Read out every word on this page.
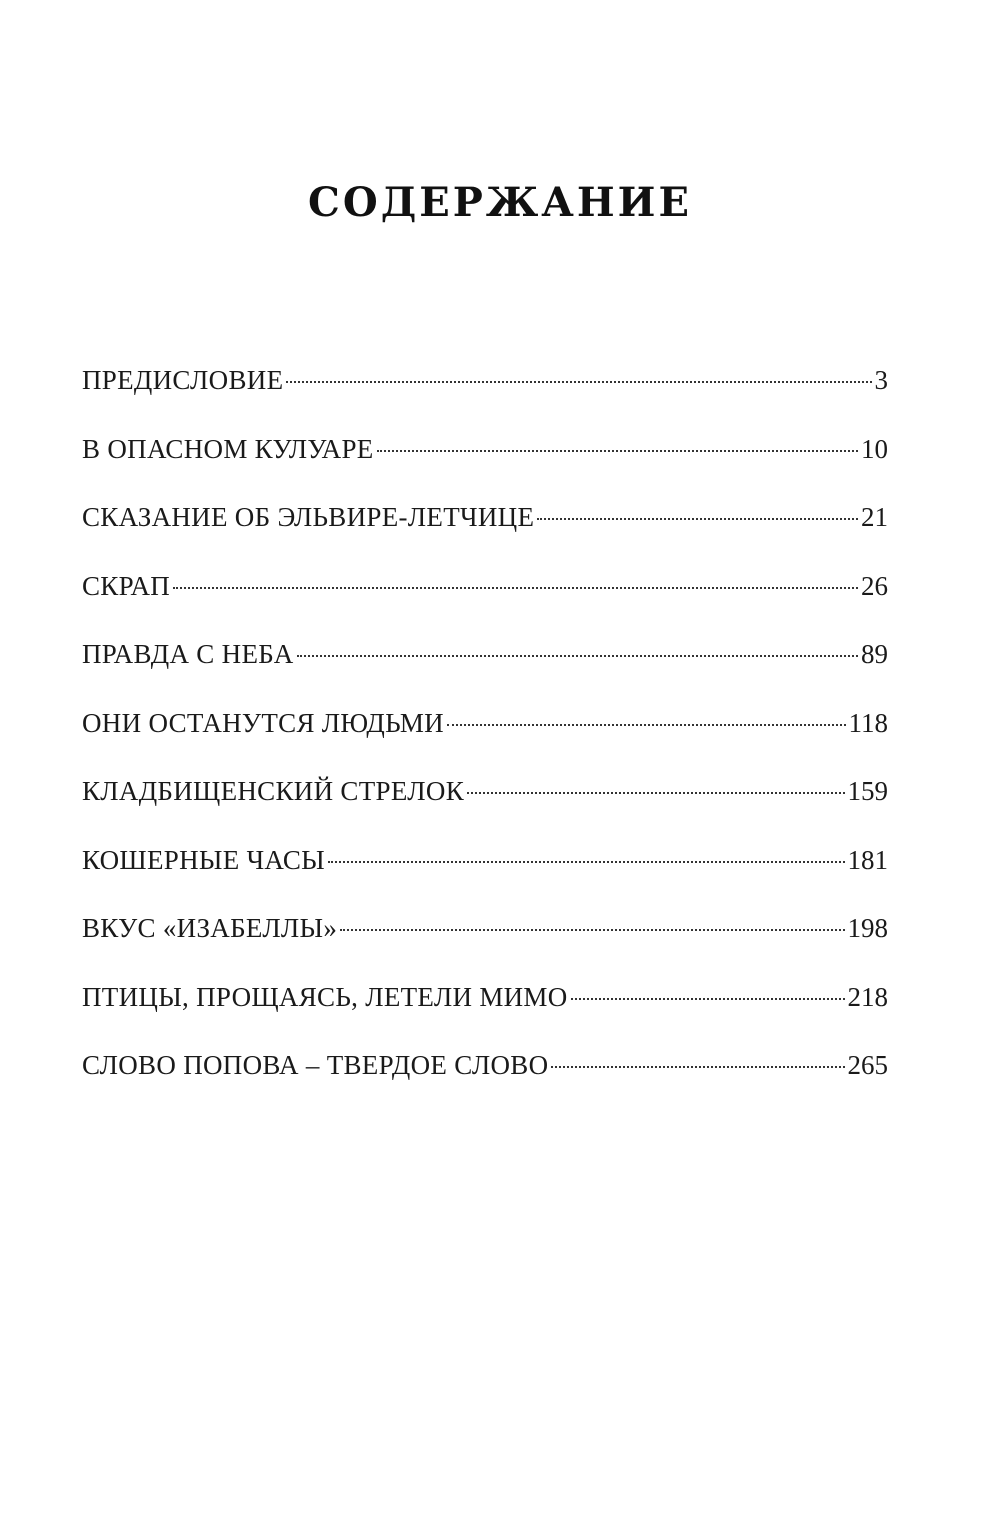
СОДЕРЖАНИЕ
ПРЕДИСЛОВИЕ	3
В ОПАСНОМ КУЛУАРЕ	10
СКАЗАНИЕ ОБ ЭЛЬВИРЕ-ЛЕТЧИЦЕ	21
СКРАП	26
ПРАВДА С НЕБА	89
ОНИ ОСТАНУТСЯ ЛЮДЬМИ	118
КЛАДБИЩЕНСКИЙ СТРЕЛОК	159
КОШЕРНЫЕ ЧАСЫ	181
ВКУС «ИЗАБЕЛЛЫ»	198
ПТИЦЫ, ПРОЩАЯСЬ, ЛЕТЕЛИ МИМО	218
СЛОВО ПОПОВА – ТВЕРДОЕ СЛОВО	265
